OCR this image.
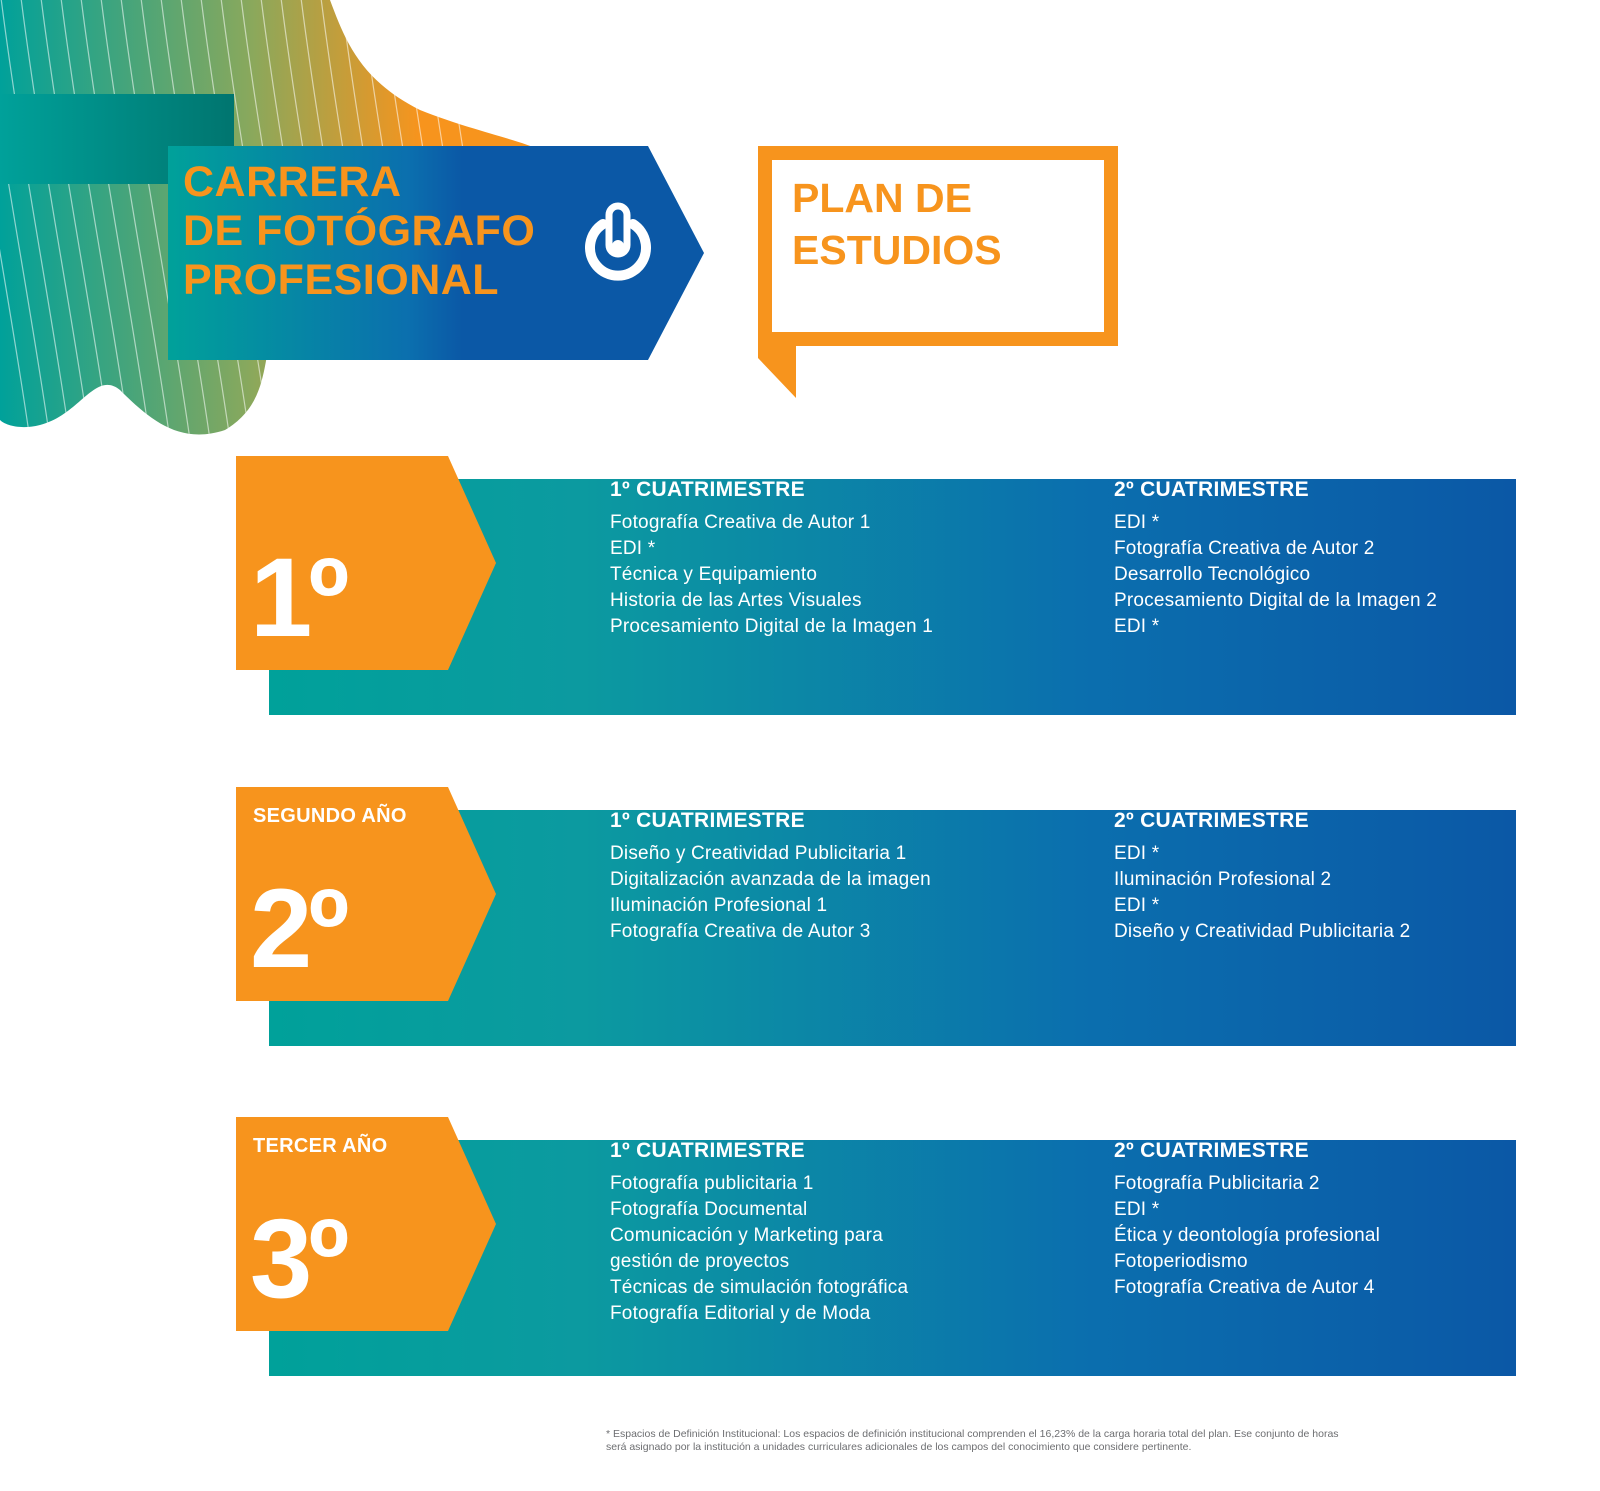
CARRERA
DE FOTÓGRAFO
PROFESIONAL
PLAN DE
ESTUDIOS
1º
1º CUATRIMESTRE
Fotografía Creativa de Autor 1
EDI *
Técnica y Equipamiento
Historia de las Artes Visuales
Procesamiento Digital de la Imagen 1
2º CUATRIMESTRE
EDI *
Fotografía Creativa de Autor 2
Desarrollo Tecnológico
Procesamiento Digital de la Imagen 2
EDI *
SEGUNDO AÑO
2º
1º CUATRIMESTRE
Diseño y Creatividad Publicitaria 1
Digitalización avanzada de la imagen
Iluminación Profesional 1
Fotografía Creativa de Autor 3
2º CUATRIMESTRE
EDI *
Iluminación Profesional 2
EDI *
Diseño y Creatividad Publicitaria 2
TERCER AÑO
3º
1º CUATRIMESTRE
Fotografía publicitaria 1
Fotografía Documental
Comunicación y Marketing para
gestión de proyectos
Técnicas de simulación fotográfica
Fotografía Editorial y de Moda
2º CUATRIMESTRE
Fotografía Publicitaria 2
EDI *
Ética y deontología profesional
Fotoperiodismo
Fotografía Creativa de Autor 4
* Espacios de Definición Institucional: Los espacios de definición institucional comprenden el 16,23% de la carga horaria total del plan. Ese conjunto de horas
será asignado por la institución a unidades curriculares adicionales de los campos del conocimiento que considere pertinente.
